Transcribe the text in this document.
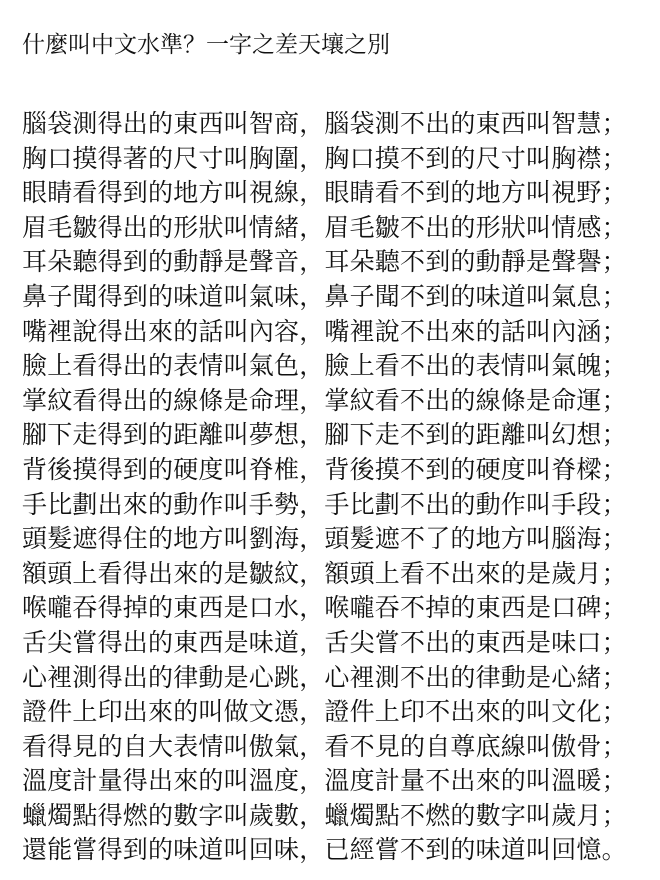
什麼叫中文水準？一字之差天壤之別
腦袋測得出的東西叫智商，腦袋測不出的東西叫智慧；
胸口摸得著的尺寸叫胸圍，胸口摸不到的尺寸叫胸襟；
眼睛看得到的地方叫視線，眼睛看不到的地方叫視野；
眉毛皺得出的形狀叫情緒，眉毛皺不出的形狀叫情感；
耳朵聽得到的動靜是聲音，耳朵聽不到的動靜是聲譽；
鼻子聞得到的味道叫氣味，鼻子聞不到的味道叫氣息；
嘴裡說得出來的話叫內容，嘴裡說不出來的話叫內涵；
臉上看得出的表情叫氣色，臉上看不出的表情叫氣魄；
掌紋看得出的線條是命理，掌紋看不出的線條是命運；
腳下走得到的距離叫夢想，腳下走不到的距離叫幻想；
背後摸得到的硬度叫脊椎，背後摸不到的硬度叫脊樑；
手比劃出來的動作叫手勢，手比劃不出的動作叫手段；
頭髮遮得住的地方叫劉海，頭髮遮不了的地方叫腦海；
額頭上看得出來的是皺紋，額頭上看不出來的是歲月；
喉嚨吞得掉的東西是口水，喉嚨吞不掉的東西是口碑；
舌尖嘗得出的東西是味道，舌尖嘗不出的東西是味口；
心裡測得出的律動是心跳，心裡測不出的律動是心緒；
證件上印出來的叫做文憑，證件上印不出來的叫文化；
看得見的自大表情叫傲氣，看不見的自尊底線叫傲骨；
溫度計量得出來的叫溫度，溫度計量不出來的叫溫暖；
蠟燭點得燃的數字叫歲數，蠟燭點不燃的數字叫歲月；
還能嘗得到的味道叫回味，已經嘗不到的味道叫回憶。
